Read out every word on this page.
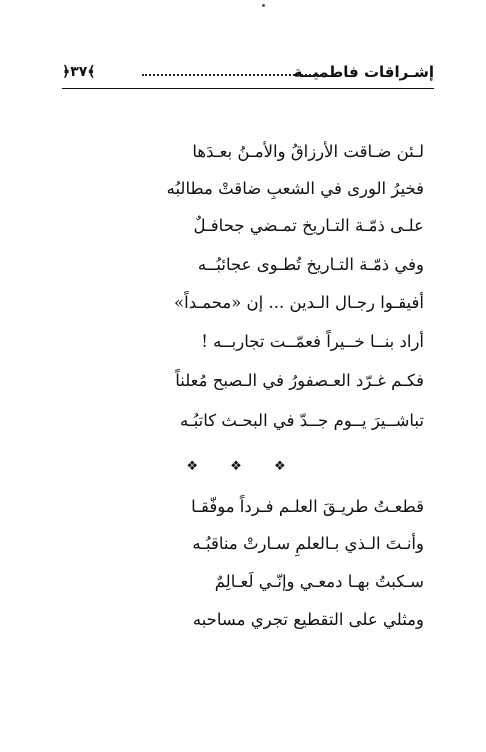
إشـراقات فاطميــة
﴿٣٧﴾
لـئن ضـاقت الأرزاقُ والأمـنُ بعـدَها
فخيرُ الورى في الشعبِ ضاقتْ مطالبُه
علـى ذمّـة التـاريخ تمـضي جحافـلٌ
وفي ذمّـة التـاريخ تُطـوى عجائبُــه
أفيقـوا رجـال الـدين ... إن «محمـداً»
أراد بنــا خــيراً فعمّــت تجاربــه !
فكـم غـرّد العـصفورُ في الـصبح مُعلناً
تباشــيرَ يــوم جــدّ في البحـث كاتبُـه
❖ ❖ ❖
قطعـتُ طريـقَ العلـم فـرداً موفّقـا
وأنـتَ الـذي بـالعلمِ سـارتْ مناقبُـه
سـكبتُ بهـا دمعـي وإنّـي لَعـالِمٌ
ومثلي على التقطيع تجري مساحبه
